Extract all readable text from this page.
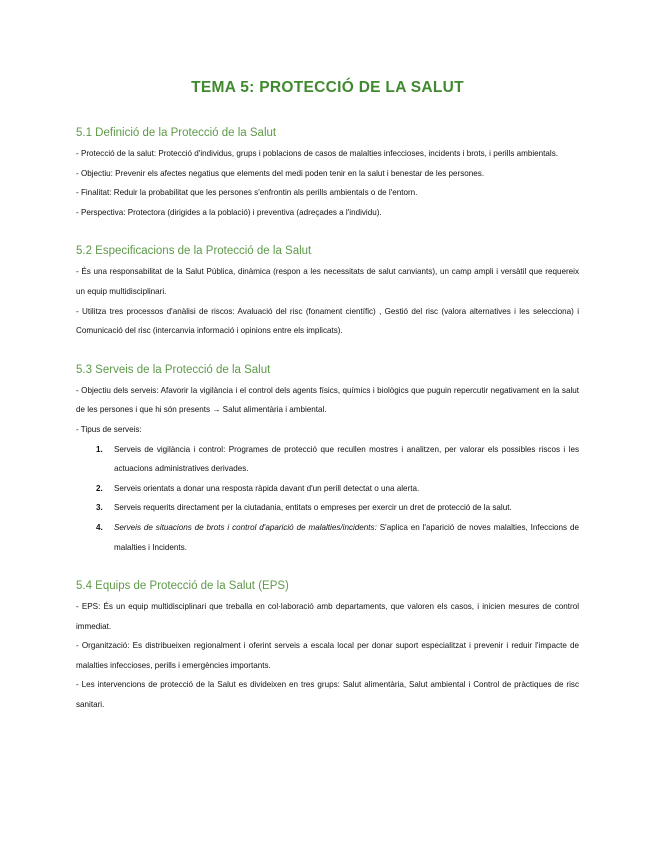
TEMA 5: PROTECCIÓ DE LA SALUT
5.1 Definició de la Protecció de la Salut

- Protecció de la salut: Protecció d'individus, grups i poblacions de casos de malalties infeccioses, incidents i brots, i perills ambientals.

- Objectiu: Prevenir els afectes negatius que elements del medi poden tenir en la salut i benestar de les persones.

- Finalitat: Reduir la probabilitat que les persones s'enfrontin als perills ambientals o de l'entorn.

- Perspectiva: Protectora (dirigides a la població) i preventiva (adreçades a l'individu).

5.2 Especificacions de la Protecció de la Salut

- És una responsabilitat de la Salut Pública, dinàmica (respon a les necessitats de salut canviants), un camp ampli i versàtil que requereix un equip multidisciplinari.

- Utilitza tres processos d'anàlisi de riscos: Avaluació del risc (fonament científic) , Gestió del risc (valora alternatives i les selecciona) i Comunicació del risc (intercanvia informació i opinions entre els implicats).

5.3 Serveis de la Protecció de la Salut

- Objectiu dels serveis: Afavorir la vigilància i el control dels agents físics, químics i biològics que puguin repercutir negativament en la salut de les persones i que hi són presents → Salut alimentària i ambiental.

- Tipus de serveis:

1. Serveis de vigilància i control: Programes de protecció que recullen mostres i analitzen, per valorar els possibles riscos i les actuacions administratives derivades.
2. Serveis orientats a donar una resposta ràpida davant d'un perill detectat o una alerta.
3. Serveis requerits directament per la ciutadania, entitats o empreses per exercir un dret de protecció de la salut.
4. Serveis de situacions de brots i control d'aparició de malalties/incidents: S'aplica en l'aparició de noves malalties, Infeccions de malalties i Incidents.
5.4 Equips de Protecció de la Salut (EPS)

- EPS: És un equip multidisciplinari que treballa en col·laboració amb departaments, que valoren els casos, i inicien mesures de control immediat.

- Organització: Es distribueixen regionalment i oferint serveis a escala local per donar suport especialitzat i prevenir i reduir l'impacte de malalties infeccioses, perills i emergències importants.

- Les intervencions de protecció de la Salut es divideixen en tres grups: Salut alimentària, Salut ambiental i Control de pràctiques de risc sanitari.
